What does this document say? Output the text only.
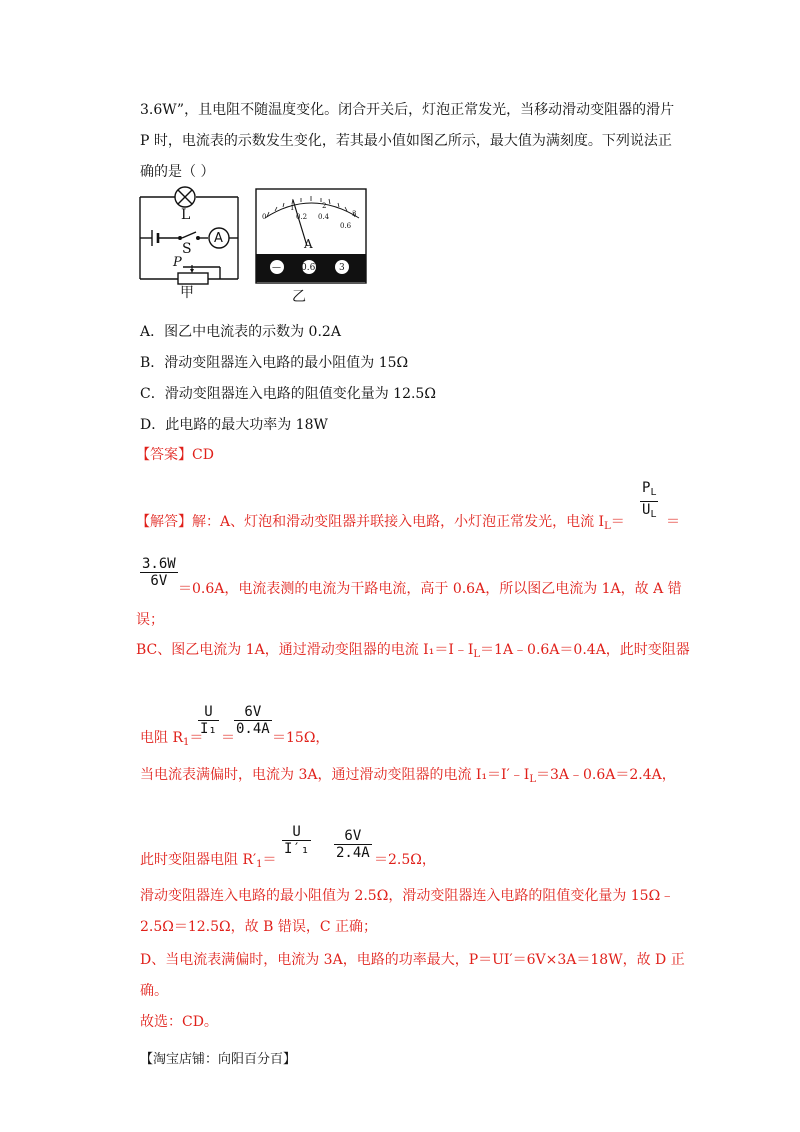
3.6W”，且电阻不随温度变化。闭合开关后，灯泡正常发光，当移动滑动变阻器的滑片
P 时，电流表的示数发生变化，若其最小值如图乙所示，最大值为满刻度。下列说法正
确的是（ ）
L
S
A
P
甲
0
1
0.2
2
0.4	3
0.6
A
— 0.6	3
乙
A．图乙中电流表的示数为 0.2A
B．滑动变阻器连入电路的最小阻值为 15Ω
C．滑动变阻器连入电路的阻值变化量为 12.5Ω
D．此电路的最大功率为 18W
【答案】CD
【解答】解：A、灯泡和滑动变阻器并联接入电路，小灯泡正常发光，电流 $I_L=$
$P_L$
$U_L$ ＝
3.6W
6V ＝0.6A，电流表测的电流为干路电流，高于 0.6A，所以图乙电流为 1A，故 A 错
误；
BC、图乙电流为 1A，通过滑动变阻器的电流 $I_1=I﹣I_L=1A﹣0.6A=0.4A$，此时变阻器
电阻 $R_1=$
U
I₁
＝
6V
0.4A
＝15Ω，
当电流表满偏时，电流为 3A，通过滑动变阻器的电流 $I_1=I'﹣I_L=3A﹣0.6A=2.4A$，
此时变阻器电阻 $R'_1=$
U
I′₁
6V
2.4A ＝2.5Ω，
滑动变阻器连入电路的最小阻值为 2.5Ω，滑动变阻器连入电路的阻值变化量为 15Ω﹣
2.5Ω＝12.5Ω，故 B 错误，C 正确；
D、当电流表满偏时，电流为 3A，电路的功率最大，P＝UI′＝6V×3A＝18W，故 D 正
确。
故选：CD。
【淘宝店铺：向阳百分百】
